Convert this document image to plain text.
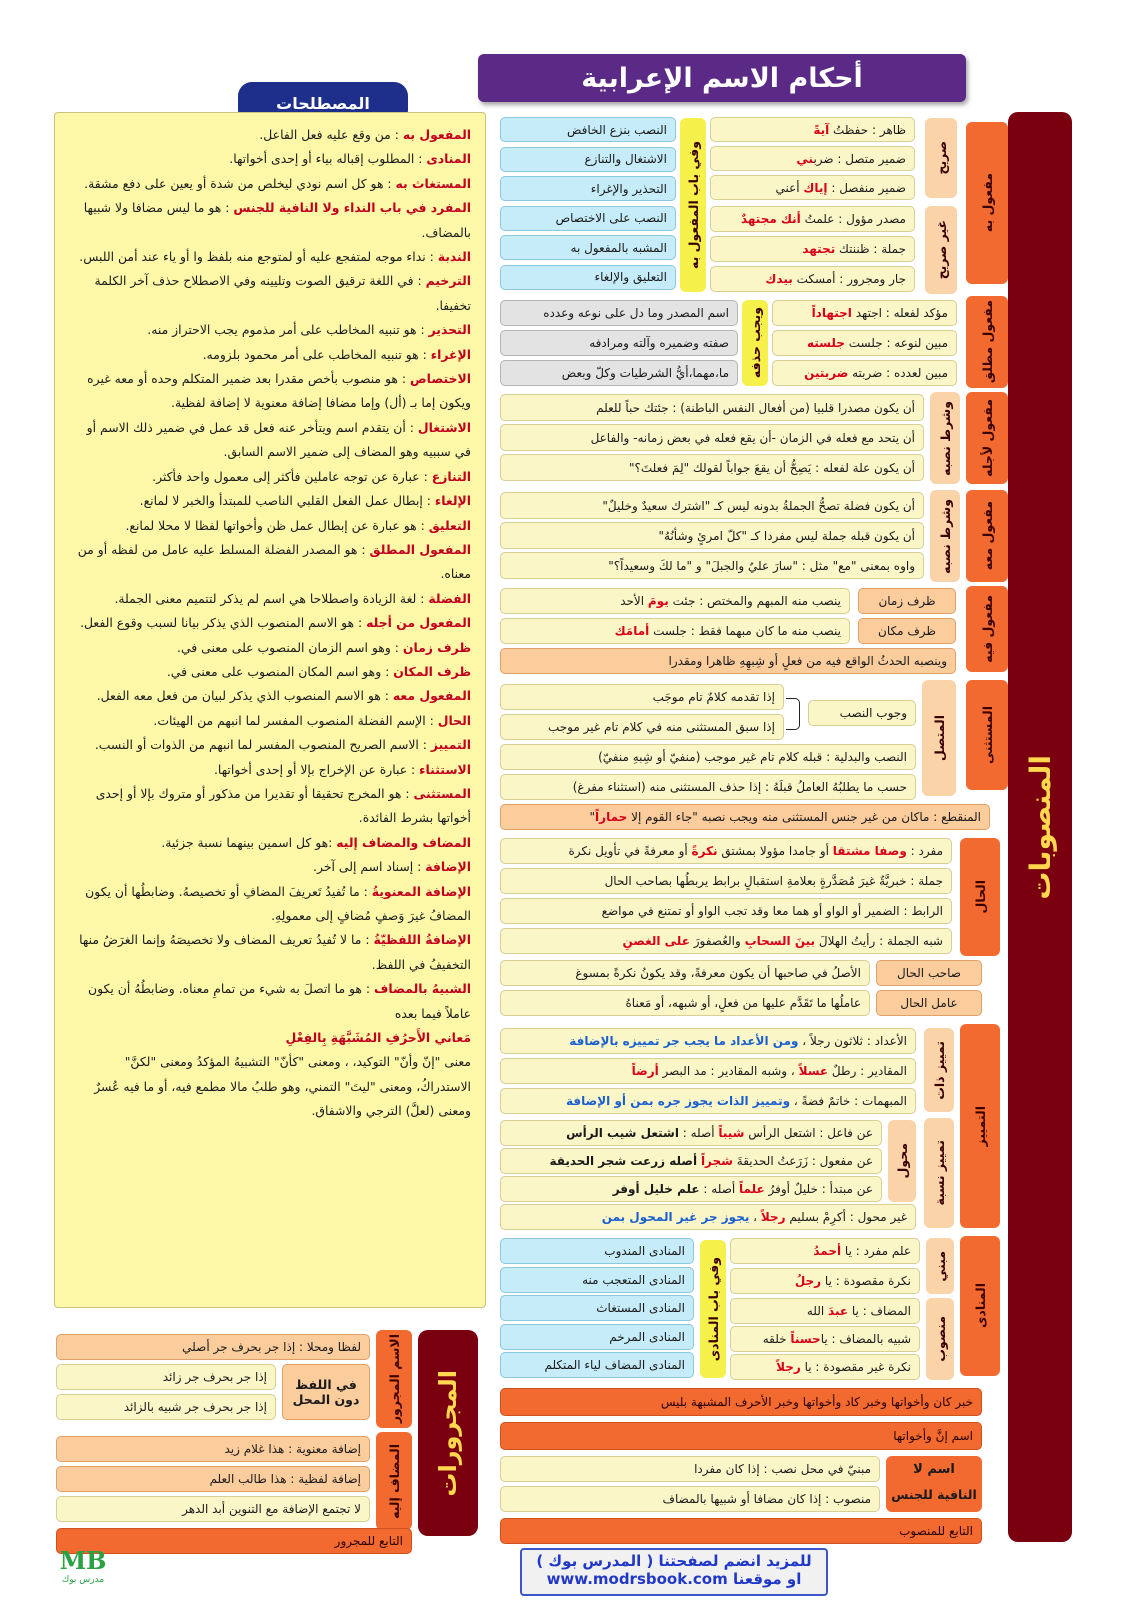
أحكام الاسم الإعرابية
المصطلحات

المفعول به : من وقع عليه فعل الفاعل.

المنادى : المطلوب إقباله بياء أو إحدى أخواتها.

المستغاث به : هو كل اسم نودي ليخلص من شدة أو يعين على دفع مشقة.

المفرد في باب النداء ولا النافية للجنس : هو ما ليس مضافا ولا شبيها بالمضاف.

الندبة : نداء موجه لمتفجع عليه أو لمتوجع منه بلفظ وا أو ياء عند أمن اللبس.

الترخيم : في اللغة ترقيق الصوت وتليينه وفي الاصطلاح حذف آخر الكلمة تخفيفا.

التحذير : هو تنبيه المخاطب على أمر مذموم يجب الاحتراز منه.

الإغراء : هو تنبيه المخاطب على أمر محمود بلزومه.

الاختصاص : هو منصوب بأخص مقدرا بعد ضمير المتكلم وحده أو معه غيره ويكون إما بـ (أل) وإما مضافا إضافة معنوية لا إضافة لفظية.

الاشتغال : أن يتقدم اسم ويتأخر عنه فعل قد عمل في ضمير ذلك الاسم أو في سببيه وهو المضاف إلى ضمير الاسم السابق.

التنازع : عبارة عن توجه عاملين فأكثر إلى معمول واحد فأكثر.

الإلغاء : إبطال عمل الفعل القلبي الناصب للمبتدأ والخبر لا لمانع.

التعليق : هو عبارة عن إبطال عمل ظن وأخواتها لفظا لا محلا لمانع.

المفعول المطلق : هو المصدر الفضلة المسلط عليه عامل من لفظه أو من معناه.

الفضلة : لغة الزيادة واصطلاحا هي اسم لم يذكر لتتميم معنى الجملة.

المفعول من أجله : هو الاسم المنصوب الذي يذكر بيانا لسبب وقوع الفعل.

ظرف زمان : وهو اسم الزمان المنصوب على معنى في.

ظرف المكان : وهو اسم المكان المنصوب على معنى في.

المفعول معه : هو الاسم المنصوب الذي يذكر لبيان من فعل معه الفعل.

الحال : الإسم الفضلة المنصوب المفسر لما انبهم من الهيئات.

التمييز : الاسم الصريح المنصوب المفسر لما انبهم من الذوات أو النسب.

الاستثناء : عبارة عن الإخراج بإلا أو إحدى أخواتها.

المستثنى : هو المخرج تحقيقا أو تقديرا من مذكور أو متروك بإلا أو إحدى أخواتها بشرط الفائدة.

المضاف والمضاف إليه :هو كل اسمين بينهما نسبة جزئية.

الإضافة : إسناد اسم إلى آخر.

الإضافة المعنويةُ : ما تُفيدُ تَعريفَ المضافِ أو تخصيصهُ. وضابطُها أن يكون المضافُ غيرَ وَصفٍ مُضافٍ إلى معمولِهِ.

الإضافةُ اللفظيّةُ : ما لا تُفيدُ تعريف المضاف ولا تخصيصَهُ وإنما الغرَضُ منها التخفيفُ في اللفظ.

الشبيهُ بالمضاف : هو ما اتصلَ به شيء من تمامِ معناه. وضابطُهُ أن يكون عاملاً فيما بعده

مَعاني الأَحرُفِ المُشَبَّهَةِ بِالفِعْلِ

معنى "إنّ وأنّ" التوكيد، ، ومعنى "كأنّ" التشبيهُ المؤكدُ ومعنى "لكنَّ" الاستدراكُ، ومعنى "ليتَ" التمني، وهو طلبُ مالا مطمع فيه، أو ما فيه عُسرٌ ومعنى (لعلَّ) الترجي والاشفاق.

المنصوبات
المجرورات
مفعول به
صريح
غير صريح
ظاهر : حفظتُ آيةً
ضمير متصل : ضربني
ضمير منفصل : إياك أعني
مصدر مؤول : علمتُ أنك مجتهدٌ
جملة : ظننتك تجتهد
جار ومجرور : أمسكت بيدك
وفي باب المفعول به
مفعول مطلق
مؤكد لفعله : اجتهد اجتهاداً
مبين لنوعه : جلست جلسته
مبين لعدده : ضربته ضربتين
ويجب حذفه
مفعول لأجله
وشرط نصبه
مفعول معه
وشرط نصبه
مفعول فيه
ظرف زمان
ينصب منه المبهم والمختص : جئت يومَ الأحد
ظرف مكان
ينصب منه ما كان مبهما فقط : جلست أمامَك
وينصبه الحدثُ الواقع فيه من فعلٍ أو شِبهِهِ ظاهرا ومقدرا
المستثنى
المتصل
وجوب النصب
إذا تقدمه كلامٌ تام موجَب
إذا سبق المستثنى منه في كلام تام غير موجب
النصب والبدلية : قبله كلام تام غير موجب (منفيّ أو شِبهِ منفيّ)
حسب ما يطلبُهُ العاملُ قبلَهُ : إذا حذف المستثنى منه (استثناء مفرغ)
المنقطع : ماكان من غير جنس المستثنى منه ويجب نصبه "جاء القوم إلا حماراً"
الحال
مفرد : وصفا مشتقا أو جامدا مؤولا بمشتق نكرةً أو معرفةً في تأويل نكرة
جملة : خبريَّةٌ غيرَ مُصَدَّرةٍ بعلامةِ استقبالٍ برابط يربطُها بصاحب الحال
الرابط : الضمير أو الواو أو هما معا وقد تجب الواو أو تمتنع في مواضع
شبه الجملة : رأيتُ الهلالَ بينَ السحابِ والعُصفورَ على الغصنِ
صاحب الحال
الأصلُ في صاحبها أن يكون معرفةً، وقد يكونُ نكرةً بمسوغ
عامل الحال
عاملُها ما تَقَدَّم عليها من فعلٍ، أو شبهه، أو مَعناهُ
التمييز
تمييز ذات
تمييز نسبة
الأعداد : ثلاثون رجلاً ، ومن الأعداد ما يجب جر تمييزه بالإضافة
المقادير : رطلٌ عسلاً ، وشبه المقادير : مد البصر أرضاً
المبهمات : خاتمٌ فضةً ، وتمييز الذات يجوز جره بمن أو الإضافة
محول
عن فاعل : اشتعل الرأس شيباً أصله : اشتعل شيب الرأس
عن مفعول : زَرَعتُ الحديقةَ شجراً أصله زرعت شجر الحديقة
عن مبتدأ : خليلٌ أوفرُ علماً أصله : علم خليل أوفر
غير محول : أكرِمْ بسليم رجلاً ، يجوز جر غير المحول بمن
المنادى
مبني
منصوب
علم مفرد : يا أحمدُ
نكرة مقصودة : يا رجلُ
المضاف : يا عبدَ الله
شبيه بالمضاف : ياحسناً خلقه
نكرة غير مقصودة : يا رجلاً
وفي باب المنادى
خبر كان وأخواتها وخبر كاد وأخواتها وخبر الأحرف المشبهة بليس
اسم إنَّ وأخواتها
اسم لا
النافية للجنس
مبنيّ في محل نصب : إذا كان مفردا
منصوب : إذا كان مضافا أو شبيها بالمضاف
التابع للمنصوب
الاسم المجرور
المضاف إليه
لفظا ومحلا : إذا جر بحرف جر أصلي
في اللفظ دون المحل
إذا جر بحرف جر زائد
إذا جر بحرف جر شبيه بالزائد
إضافة معنوية : هذا غلام زيد
إضافة لفظية : هذا طالب العلم
لا تجتمع الإضافة مع التنوين أبد الدهر
التابع للمجرور
للمزيد انضم لصفحتنا ( المدرس بوك )
او موقعنا www.modrsbook.com
MB
مدرس بوك
النصب بنزع الخافض
الاشتغال والتنازع
التحذير والإغراء
النصب على الاختصاص
المشبه بالمفعول به
التعليق والإلغاء
اسم المصدر وما دل على نوعه وعدده
صفته وضميره وآلته ومرادفه
ما،مهما،أيُّ الشرطيات وكلّ وبعض
أن يكون مصدرا قلبيا (من أفعال النفس الباطنة) : جئتك حباً للعلم
أن يتحد مع فعله في الزمان -أن يقع فعله في بعض زمانه- والفاعل
أن يكون علة لفعله : يَصِحُّ أن يقعَ جواباً لقولك "لِمَ فعلتَ؟"
أن يكون فضلة تصحُّ الجملةُ بدونه ليس كـ "اشترك سعيدٌ وخليلٌ"
أن يكون قبله جملة ليس مفردا كـ "كلّ امرئٍ وشأنُهُ"
واوه بمعنى "مع" مثل : "سارَ عليٌ والجبلَ" و "ما لكَ وسعيداً؟"
المنادى المندوب
المنادى المتعجب منه
المنادى المستغاث
المنادى المرخم
المنادى المضاف لياء المتكلم
